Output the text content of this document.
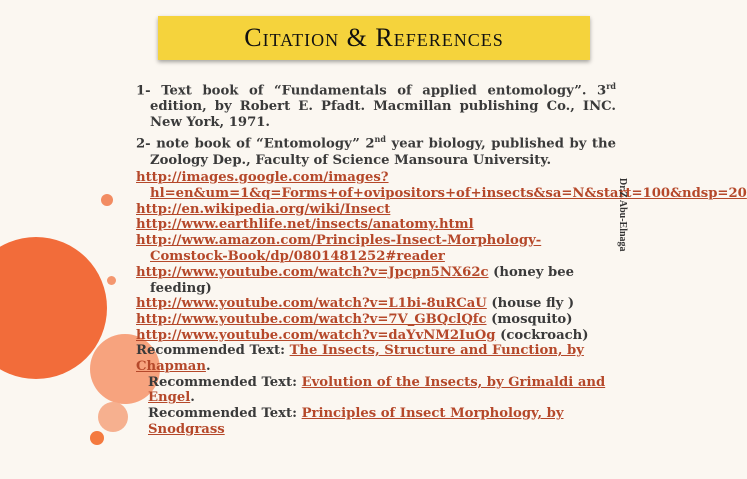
Citation & References

1- Text book of “Fundamentals of applied entomology”. 3rd edition, by Robert E. Pfadt. Macmillan publishing Co., INC. New York, 1971.

2- note book of “Entomology” 2nd year biology, published by the Zoology Dep., Faculty of Science Mansoura University.

http://images.google.com/images?hl=en&um=1&q=Forms+of+ovipositors+of+insects&sa=N&start=100&ndsp=20
http://en.wikipedia.org/wiki/Insect
http://www.earthlife.net/insects/anatomy.html
http://www.amazon.com/Principles-Insect-Morphology-Comstock-Book/dp/0801481252#reader
http://www.youtube.com/watch?v=Jpcpn5NX62c (honey bee feeding)
http://www.youtube.com/watch?v=L1bi-8uRCaU (house fly )
http://www.youtube.com/watch?v=7V_GBQclQfc (mosquito)
http://www.youtube.com/watch?v=daYvNM2IuOg (cockroach)
Recommended Text: The Insects, Structure and Function, by Chapman.
Recommended Text: Evolution of the Insects, by Grimaldi and Engel.
Recommended Text: Principles of Insect Morphology, by Snodgrass
Dr.Z Abu-Elnaga
